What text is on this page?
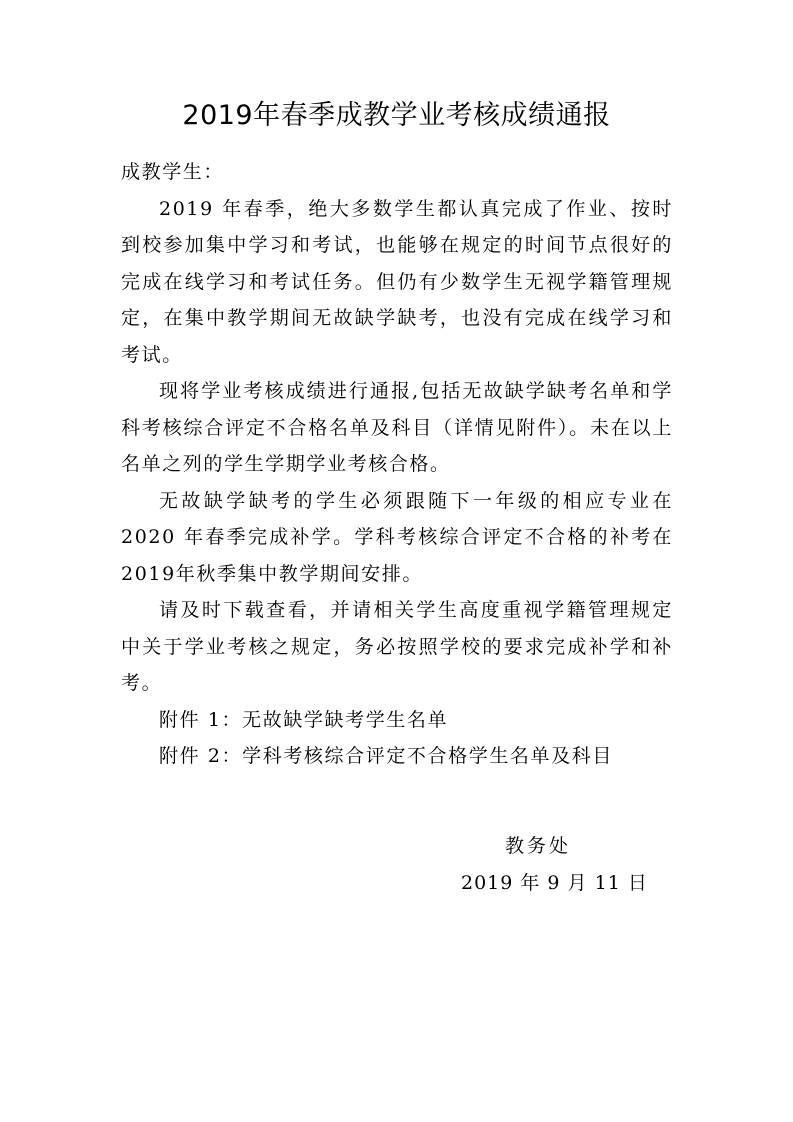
2019年春季成教学业考核成绩通报

成教学生：

2019 年春季，绝大多数学生都认真完成了作业、按时到校参加集中学习和考试，也能够在规定的时间节点很好的完成在线学习和考试任务。但仍有少数学生无视学籍管理规定，在集中教学期间无故缺学缺考，也没有完成在线学习和考试。

现将学业考核成绩进行通报,包括无故缺学缺考名单和学科考核综合评定不合格名单及科目（详情见附件）。未在以上名单之列的学生学期学业考核合格。

无故缺学缺考的学生必须跟随下一年级的相应专业在2020 年春季完成补学。学科考核综合评定不合格的补考在2019年秋季集中教学期间安排。

请及时下载查看，并请相关学生高度重视学籍管理规定中关于学业考核之规定，务必按照学校的要求完成补学和补考。

附件 1：无故缺学缺考学生名单

附件 2：学科考核综合评定不合格学生名单及科目

教务处
2019 年 9 月 11 日
